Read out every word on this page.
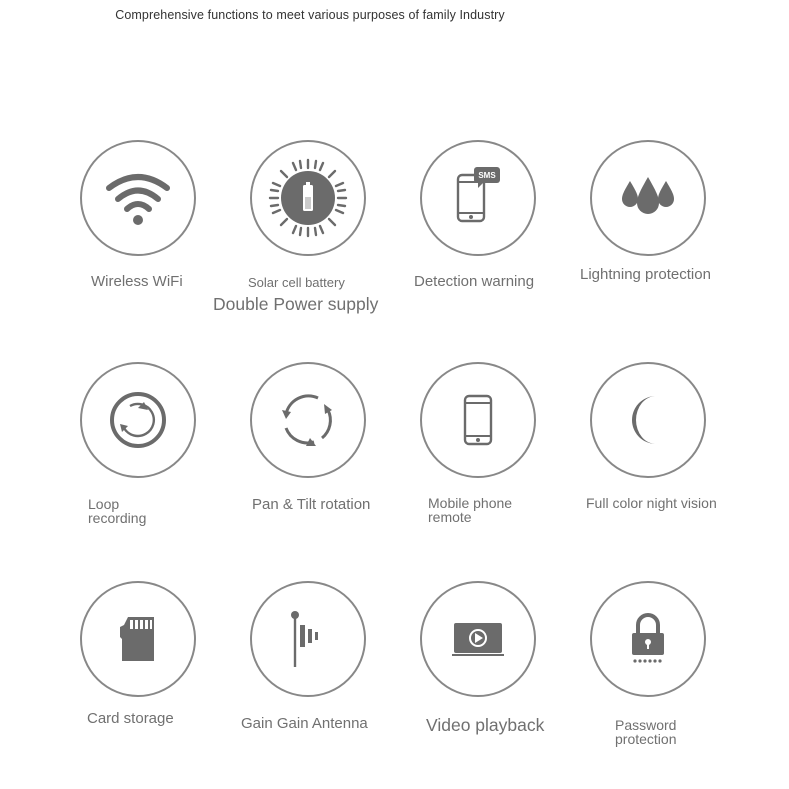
Comprehensive functions to meet various purposes of family Industry
Wireless WiFi	Solar cell battery
Double Power supply
SMS
Detection warning	Lightning protection
Loop recording
Pan & Tilt rotation	Mobile phone remote
Full color night vision
Card storage	Gain Gain Antenna	Video playback	Password protection
